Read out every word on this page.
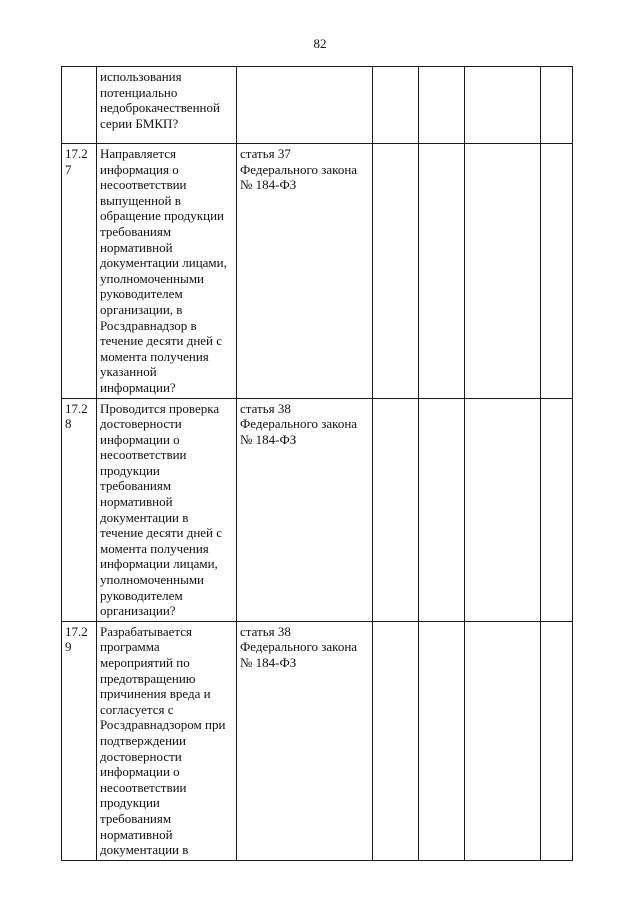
82
	использования потенциально недоброкачественной серии БМКП?					
17.27	Направляется информация о несоответствии выпущенной в обращение продукции требованиям нормативной документации лицами, уполномоченными руководителем организации, в Росздравнадзор в течение десяти дней с момента получения указанной информации?	статья 37 Федерального закона № 184-ФЗ				
17.28	Проводится проверка достоверности информации о несоответствии продукции требованиям нормативной документации в течение десяти дней с момента получения информации лицами, уполномоченными руководителем организации?	статья 38 Федерального закона № 184-ФЗ				
17.29	Разрабатывается программа мероприятий по предотвращению причинения вреда и согласуется с Росздравнадзором при подтверждении достоверности информации о несоответствии продукции требованиям нормативной документации в	статья 38 Федерального закона № 184-ФЗ				
